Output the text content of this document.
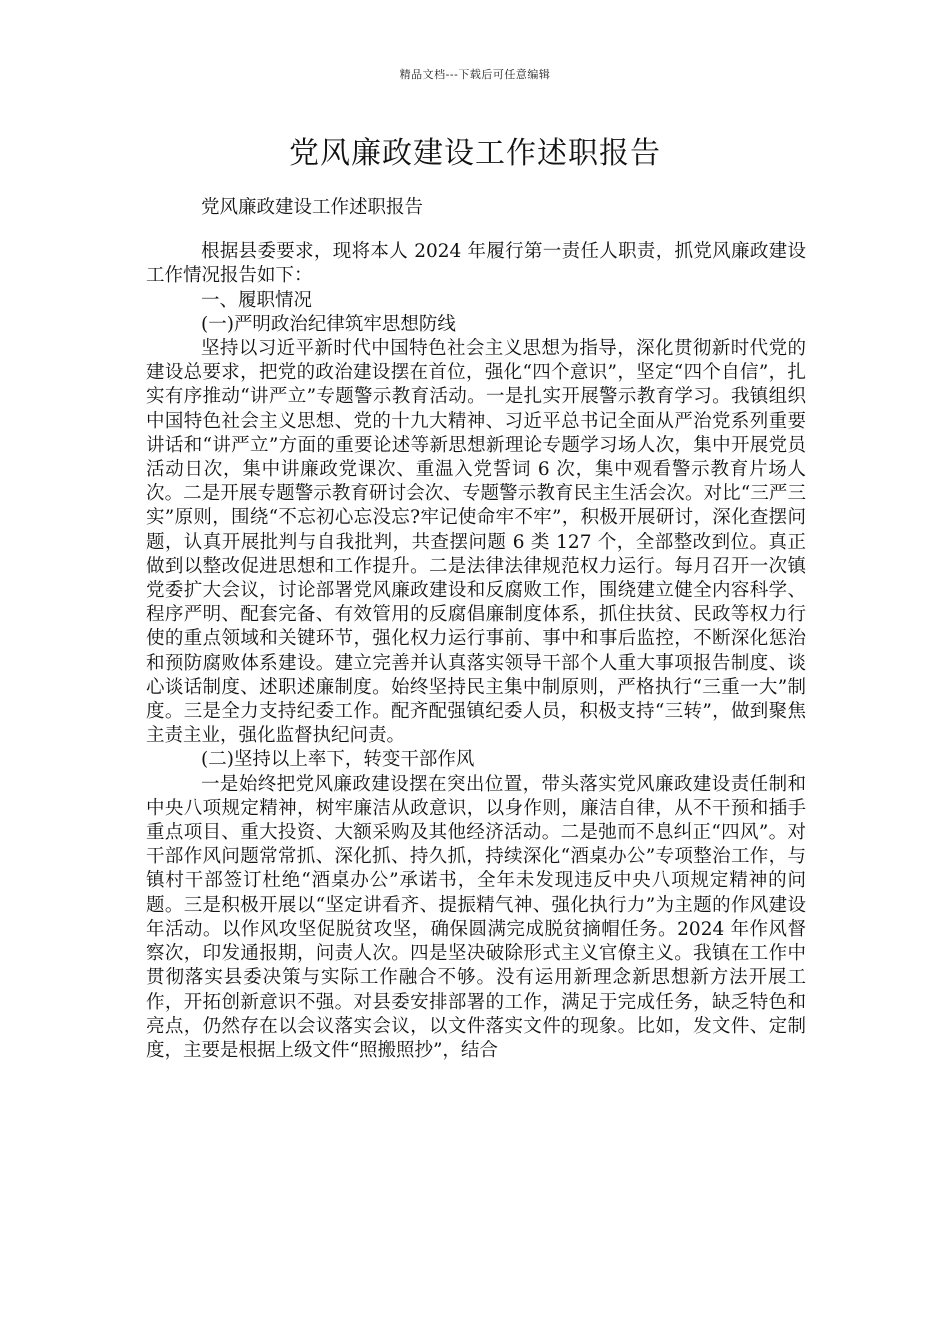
精品文档---下载后可任意编辑
党风廉政建设工作述职报告

党风廉政建设工作述职报告

根据县委要求，现将本人 2024 年履行第一责任人职责，抓党风廉政建设工作情况报告如下：

一、履职情况

(一)严明政治纪律筑牢思想防线

坚持以习近平新时代中国特色社会主义思想为指导，深化贯彻新时代党的建设总要求，把党的政治建设摆在首位，强化“四个意识”，坚定“四个自信”，扎实有序推动“讲严立”专题警示教育活动。一是扎实开展警示教育学习。我镇组织中国特色社会主义思想、党的十九大精神、习近平总书记全面从严治党系列重要讲话和“讲严立”方面的重要论述等新思想新理论专题学习场人次，集中开展党员活动日次，集中讲廉政党课次、重温入党誓词 6 次，集中观看警示教育片场人次。二是开展专题警示教育研讨会次、专题警示教育民主生活会次。对比“三严三实”原则，围绕“不忘初心忘没忘?牢记使命牢不牢”，积极开展研讨，深化查摆问题，认真开展批判与自我批判，共查摆问题 6 类 127 个，全部整改到位。真正做到以整改促进思想和工作提升。二是法律法律规范权力运行。每月召开一次镇党委扩大会议，讨论部署党风廉政建设和反腐败工作，围绕建立健全内容科学、程序严明、配套完备、有效管用的反腐倡廉制度体系，抓住扶贫、民政等权力行使的重点领域和关键环节，强化权力运行事前、事中和事后监控，不断深化惩治和预防腐败体系建设。建立完善并认真落实领导干部个人重大事项报告制度、谈心谈话制度、述职述廉制度。始终坚持民主集中制原则，严格执行“三重一大”制度。三是全力支持纪委工作。配齐配强镇纪委人员，积极支持“三转”，做到聚焦主责主业，强化监督执纪问责。

(二)坚持以上率下，转变干部作风

一是始终把党风廉政建设摆在突出位置，带头落实党风廉政建设责任制和中央八项规定精神，树牢廉洁从政意识，以身作则，廉洁自律，从不干预和插手重点项目、重大投资、大额采购及其他经济活动。二是弛而不息纠正“四风”。对干部作风问题常常抓、深化抓、持久抓，持续深化“酒桌办公”专项整治工作，与镇村干部签订杜绝“酒桌办公”承诺书，全年未发现违反中央八项规定精神的问题。三是积极开展以“坚定讲看齐、提振精气神、强化执行力”为主题的作风建设年活动。以作风攻坚促脱贫攻坚，确保圆满完成脱贫摘帽任务。2024 年作风督察次，印发通报期，问责人次。四是坚决破除形式主义官僚主义。我镇在工作中贯彻落实县委决策与实际工作融合不够。没有运用新理念新思想新方法开展工作，开拓创新意识不强。对县委安排部署的工作，满足于完成任务，缺乏特色和亮点，仍然存在以会议落实会议，以文件落实文件的现象。比如，发文件、定制度，主要是根据上级文件“照搬照抄”，结合
